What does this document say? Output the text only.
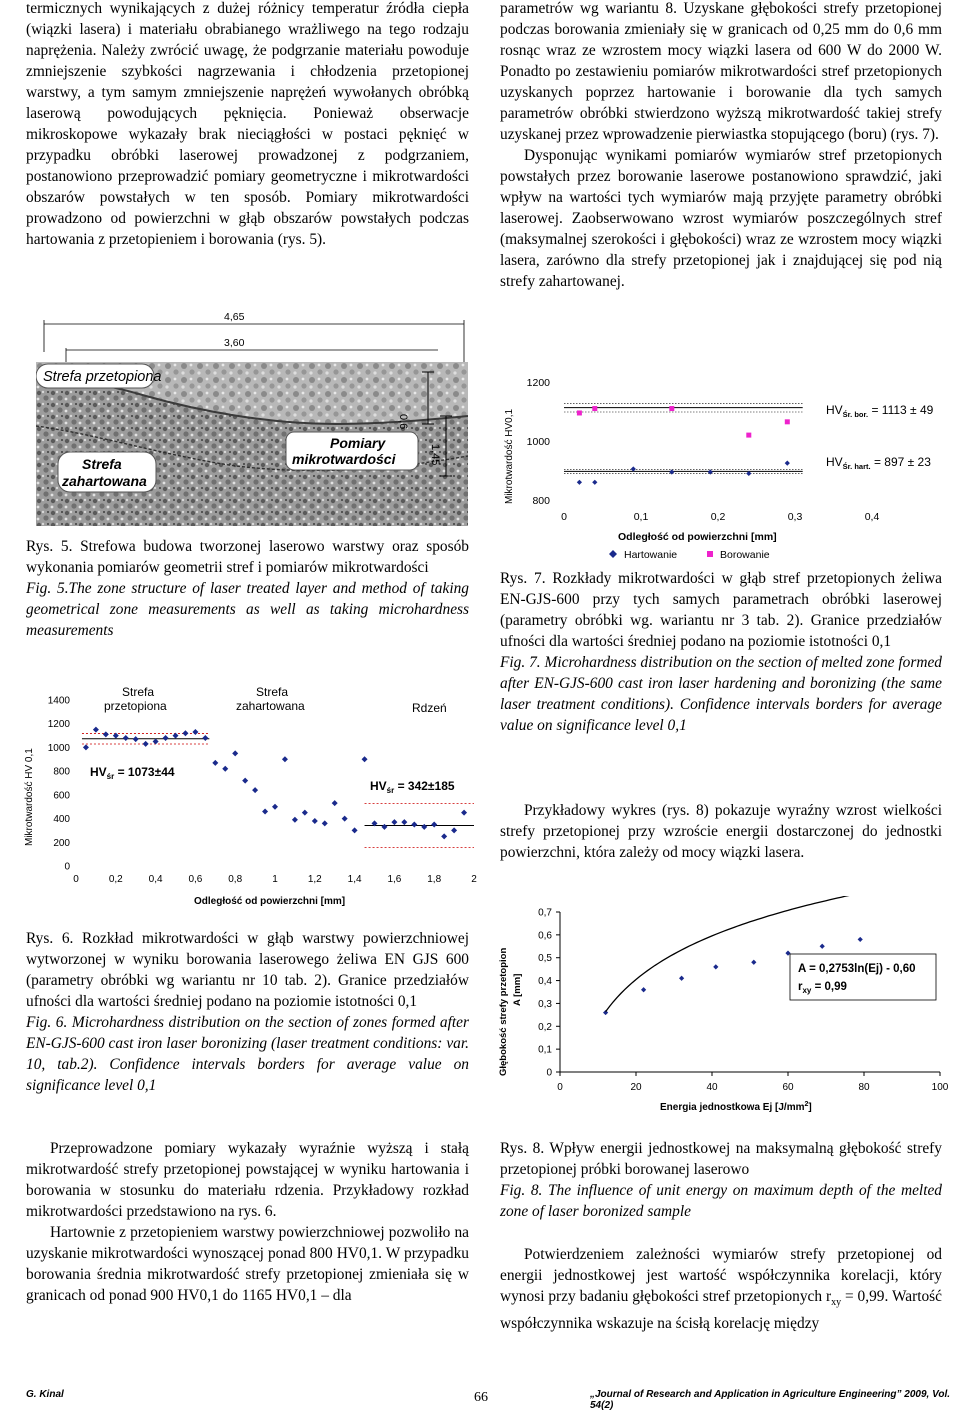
termicznych wynikających z dużej różnicy temperatur źródła ciepła (wiązki lasera) i materiału obrabianego wrażliwego na tego rodzaju naprężenia. Należy zwrócić uwagę, że podgrzanie materiału powoduje zmniejszenie szybkości nagrzewania i chłodzenia przetopionej warstwy, a tym samym zmniejszenie naprężeń wywołanych obróbką laserową powodujących pęknięcia. Ponieważ obserwacje mikroskopowe wykazały brak nieciągłości w postaci pęknięć w przypadku obróbki laserowej prowadzonej z podgrzaniem, postanowiono przeprowadzić pomiary geometryczne i mikrotwardości obszarów powstałych w ten sposób. Pomiary mikrotwardości prowadzono od powierzchni w głąb obszarów powstałych podczas hartowania z przetopieniem i borowania (rys. 5).

4,65
3,60
Strefa przetopiona
Strefa
zahartowana
Pomiary
mikrotwardości
0,6
1,45
Rys. 5. Strefowa budowa tworzonej laserowo warstwy oraz sposób wykonania pomiarów geometrii stref i pomiarów mikrotwardości
Fig. 5.The zone structure of laser treated layer and method of taking geometrical zone measurements as well as taking microhardness measurements
0
200
400
600
800
1000
1200
1400
0	0,2	0,4	0,6	0,8	1	1,2	1,4	1,6	1,8	2
Mikrotwardość HV 0,1
Odległość od powierzchni [mm]
Strefa
przetopiona
Strefa
zahartowana	Rdzeń
$HV_{śr} = 1073\pm 44$
$HV_{śr} = 342\pm 185$
Rys. 6. Rozkład mikrotwardości w głąb warstwy powierzchniowej wytworzonej w wyniku borowania laserowego żeliwa EN GJS 600 (parametry obróbki wg wariantu nr 10 tab. 2). Granice przedziałów ufności dla wartości średniej podano na poziomie istotności 0,1
Fig. 6. Microhardness distribution on the section of zones formed after EN-GJS-600 cast iron laser boronizing (laser treatment conditions: var. 10, tab.2). Confidence intervals borders for average value on significance level 0,1

Przeprowadzone pomiary wykazały wyraźnie wyższą i stałą mikrotwardość strefy przetopionej powstającej w wyniku hartowania i borowania w stosunku do materiału rdzenia. Przykładowy rozkład mikrotwardości przedstawiono na rys. 6.

Hartownie z przetopieniem warstwy powierzchniowej pozwoliło na uzyskanie mikrotwardości wynoszącej ponad 800 HV0,1. W przypadku borowania średnia mikrotwardość strefy przetopionej zmieniała się w granicach od ponad 900 HV0,1 do 1165 HV0,1 – dla

parametrów wg wariantu 8. Uzyskane głębokości strefy przetopionej podczas borowania zmieniały się w granicach od 0,25 mm do 0,6 mm rosnąc wraz ze wzrostem mocy wiązki lasera od 600 W do 2000 W. Ponadto po zestawieniu pomiarów mikrotwardości stref przetopionych uzyskanych poprzez hartowanie i borowanie dla tych samych parametrów obróbki stwierdzono wyższą mikrotwardość takiej strefy uzyskanej przez wprowadzenie pierwiastka stopującego (boru) (rys. 7).

Dysponując wynikami pomiarów wymiarów stref przetopionych powstałych przez borowanie laserowe postanowiono sprawdzić, jaki wpływ na wartości tych wymiarów mają przyjęte parametry obróbki laserowej. Zaobserwowano wzrost wymiarów poszczególnych stref (maksymalnej szerokości i głębokości) wraz ze wzrostem mocy wiązki lasera, zarówno dla strefy przetopionej jak i znajdującej się pod nią strefy zahartowanej.

800
1000
1200
0	0,1	0,2	0,3	0,4
Mikrotwardość HV0,1
Odległość od powierzchni [mm]
$HV_{Śr. bor.} = 1113 \pm 49$
$HV_{Śr. hart.} = 897 \pm 23$
Hartowanie	Borowanie
Rys. 7. Rozkłady mikrotwardości w głąb stref przetopionych żeliwa EN-GJS-600 przy tych samych parametrach obróbki laserowej (parametry obróbki wg. wariantu nr 3 tab. 2). Granice przedziałów ufności dla wartości średniej podano na poziomie istotności 0,1
Fig. 7. Microhardness distribution on the section of melted zone formed after EN-GJS-600 cast iron laser hardening and boronizing (the same laser treatment conditions). Confidence intervals borders for average value on significance level 0,1

Przykładowy wykres (rys. 8) pokazuje wyraźny wzrost wielkości strefy przetopionej przy wzroście energii dostarczonej do jednostki powierzchni, która zależy od mocy wiązki lasera.

0
0,1
0,2
0,3
0,4
0,5
0,6
0,7
0	20	40	60	80	100
Głębokość strefy przetopion A [mm]
Energia jednostkowa Ej $[J/mm^2]$
A = 0,2753ln(Ej) - 0,60
$r_{xy} = 0,99$
Rys. 8. Wpływ energii jednostkowej na maksymalną głębokość strefy przetopionej próbki borowanej laserowo
Fig. 8. The influence of unit energy on maximum depth of the melted zone of laser boronized sample

Potwierdzeniem zależności wymiarów strefy przetopionej od energii jednostkowej jest wartość współczynnika korelacji, który wynosi przy badaniu głębokości stref przetopionych $r_{xy} = 0,99$. Wartość współczynnika wskazuje na ścisłą korelację między

G. Kinal	66	„Journal of Research and Application in Agriculture Engineering” 2009, Vol. 54(2)
